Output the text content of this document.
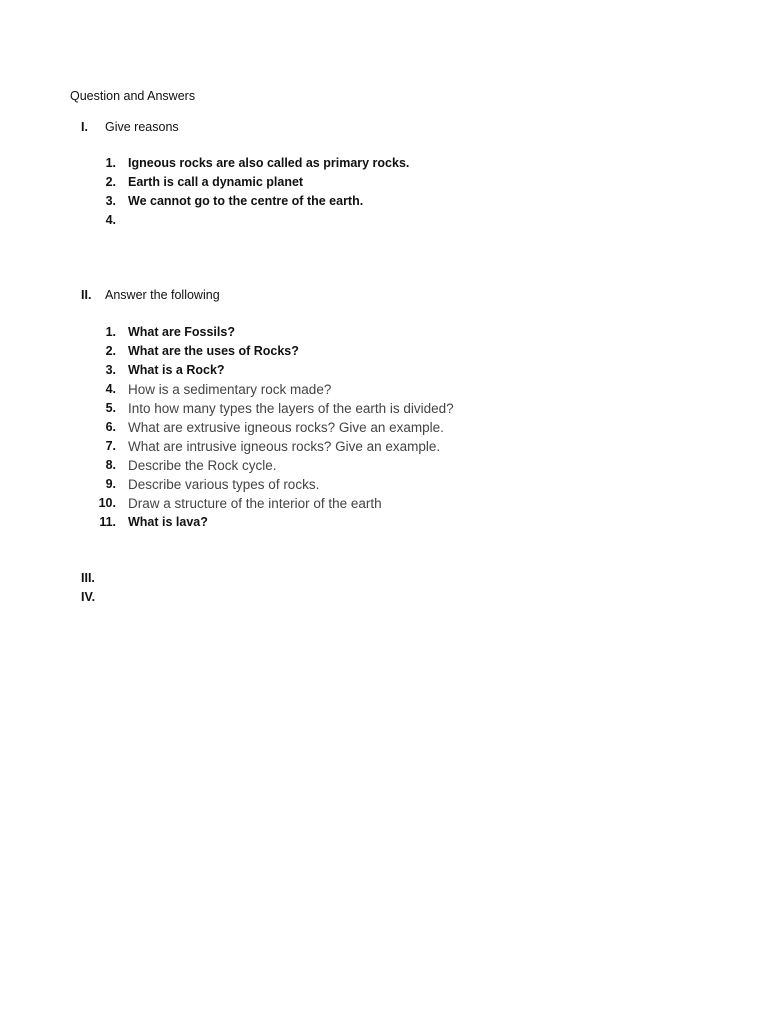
Question and Answers
I. Give reasons
1. Igneous rocks are also called as primary rocks.
2. Earth is call a dynamic planet
3. We cannot go to the centre of the earth.
4.
II. Answer the following
1. What are Fossils?
2. What are the uses of Rocks?
3. What is a Rock?
4. How is a sedimentary rock made?
5. Into how many types the layers of the earth is divided?
6. What are extrusive igneous rocks? Give an example.
7. What are intrusive igneous rocks? Give an example.
8. Describe the Rock cycle.
9. Describe various types of rocks.
10. Draw a structure of the interior of the earth
11. What is lava?
III.
IV.
